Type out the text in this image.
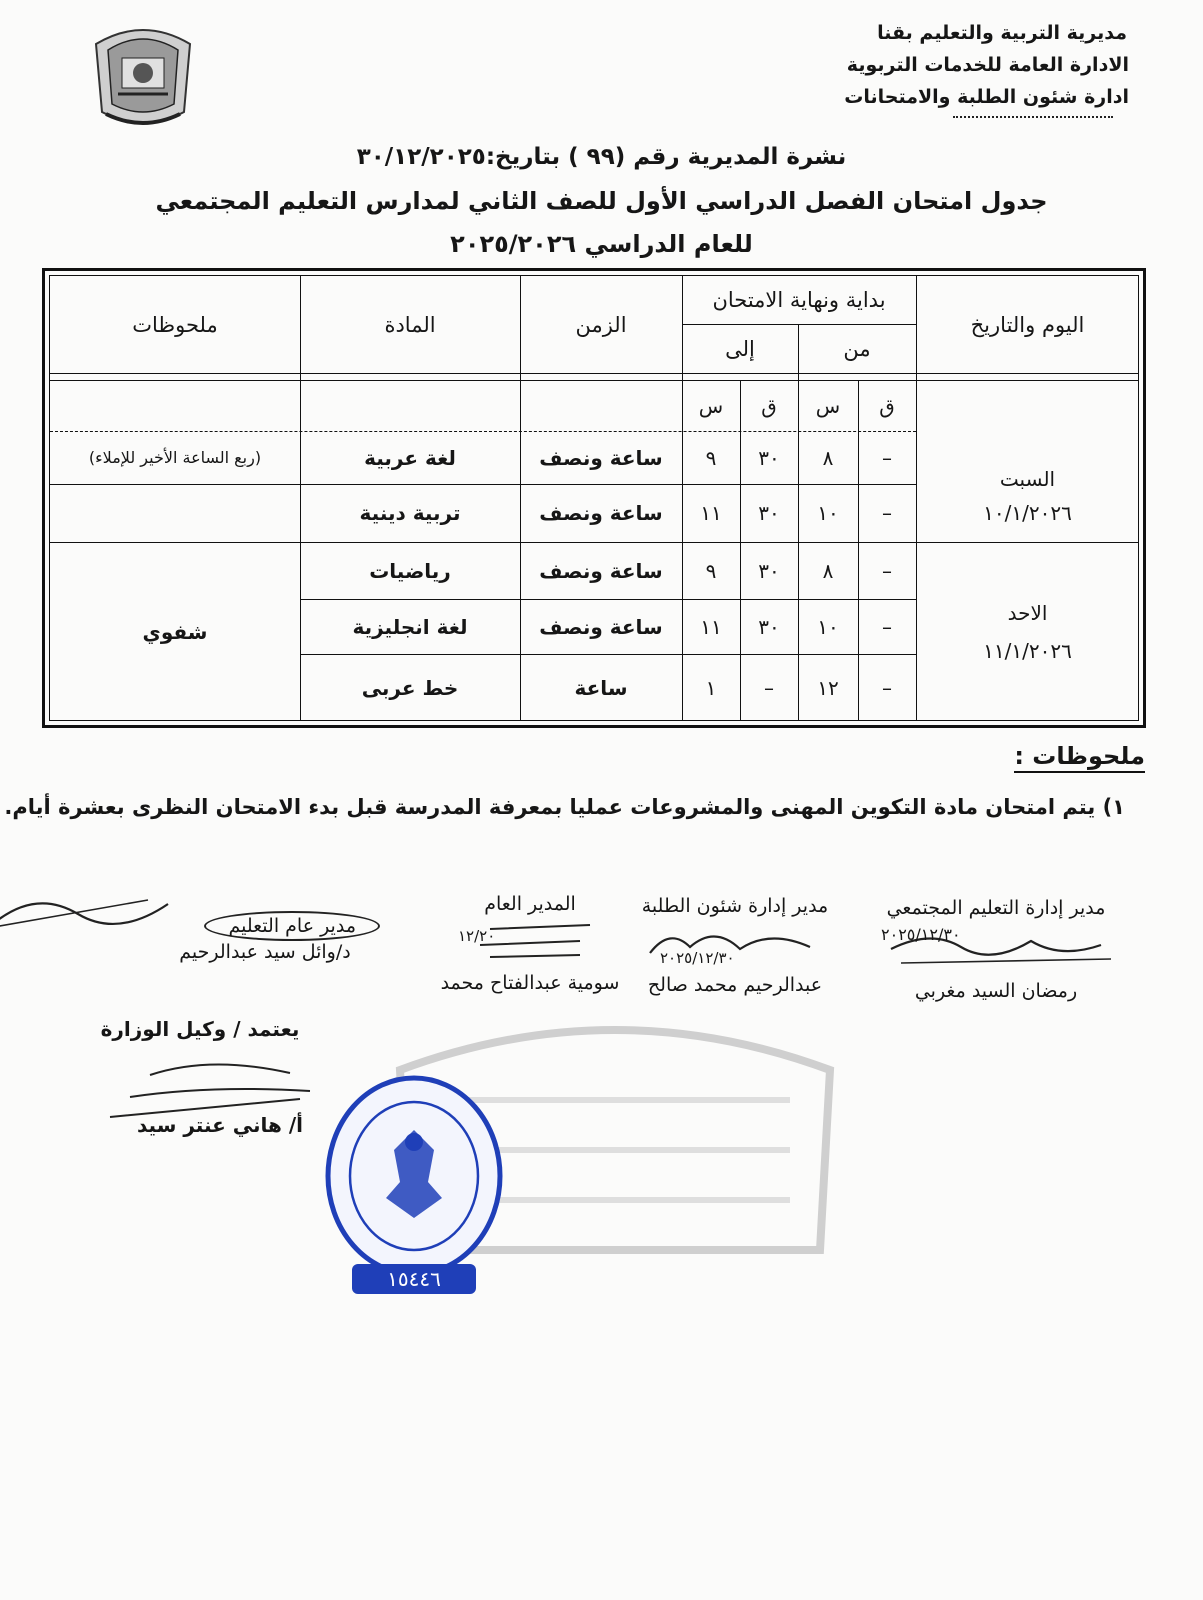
مديرية التربية والتعليم بقنا
الادارة العامة للخدمات التربوية
ادارة شئون الطلبة والامتحانات
نشرة المديرية رقم (٩٩ ) بتاريخ:٣٠/١٢/٢٠٢٥
جدول امتحان الفصل الدراسي الأول للصف الثاني لمدارس التعليم المجتمعي
للعام الدراسي ٢٠٢٥/٢٠٢٦
اليوم والتاريخ
بداية ونهاية الامتحان
من
إلى
الزمن
المادة
ملحوظات
ق
س
ق
س
السبت
١٠/١/٢٠٢٦
الاحد
١١/١/٢٠٢٦
–
٨
٣٠
٩
ساعة ونصف
لغة عربية
(ربع الساعة الأخير للإملاء)
–
١٠
٣٠
١١
ساعة ونصف
تربية دينية
–
٨
٣٠
٩
ساعة ونصف
رياضيات
–
١٠
٣٠
١١
ساعة ونصف
لغة انجليزية
–
١٢
–
١
ساعة
خط عربى
شفوي
ملحوظات :
١) يتم امتحان مادة التكوين المهنى والمشروعات عمليا بمعرفة المدرسة قبل بدء الامتحان النظرى بعشرة أيام.
مدير إدارة التعليم المجتمعي
٢٠٢٥/١٢/٣٠
رمضان السيد مغربي
مدير إدارة شئون الطلبة
٢٠٢٥/١٢/٣٠
عبدالرحيم محمد صالح
المدير العام
١٢/٢٠
سومية عبدالفتاح محمد
مدير عام التعليم
د/وائل سيد عبدالرحيم
يعتمد / وكيل الوزارة
أ/ هاني عنتر سيد
١٥٤٤٦
